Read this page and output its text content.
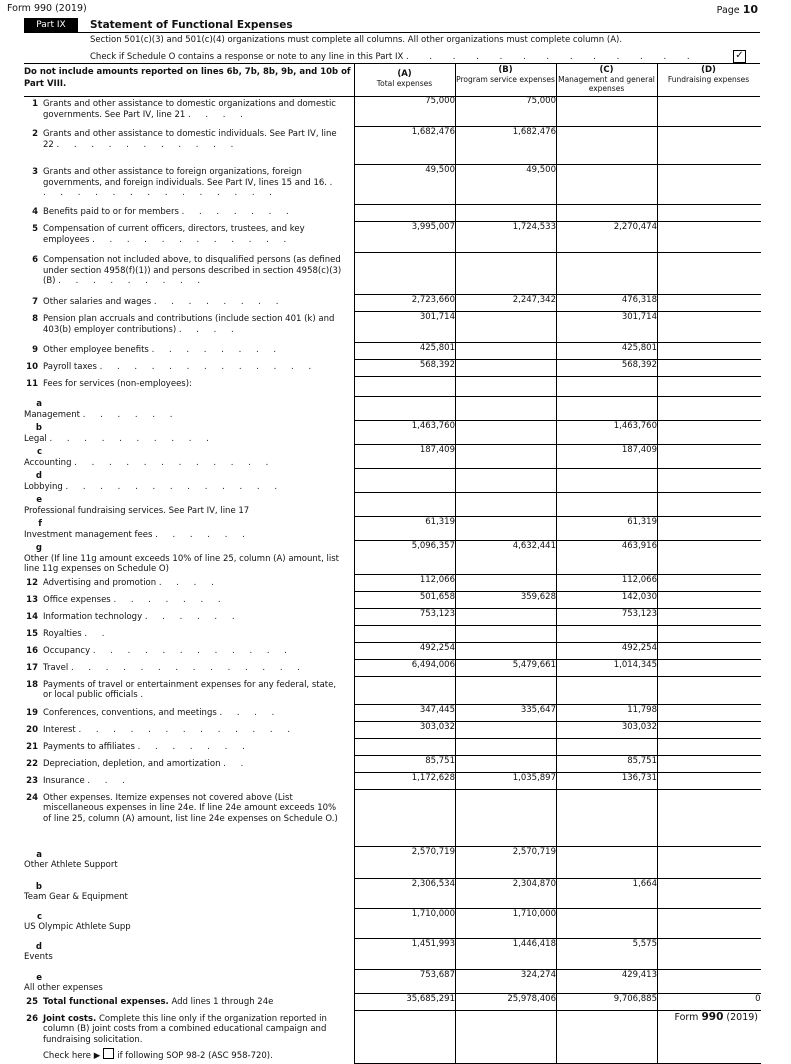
Form 990 (2019)	Page 10
Part IX	Statement of Functional Expenses
Section 501(c)(3) and 501(c)(4) organizations must complete all columns. All other organizations must complete column (A).
Check if Schedule O contains a response or note to any line in this Part IX . . . . . . . . . . . . .	✓
Do not include amounts reported on lines 6b, 7b, 8b, 9b, and 10b of Part VIII.
(A)
Total expenses
(B)
Program service expenses
(C)
Management and general expenses
(D)
Fundraising expenses
1 Grants and other assistance to domestic organizations and domestic governments. See Part IV, line 21 . . . .	75,000	75,000		
2 Grants and other assistance to domestic individuals. See Part IV, line 22 . . . . . . . . . . .	1,682,476	1,682,476		
3 Grants and other assistance to foreign organizations, foreign governments, and foreign individuals. See Part IV, lines 15 and 16. . . . . . . . . . . . . . . .	49,500	49,500		
4 Benefits paid to or for members . . . . . . .				
5 Compensation of current officers, directors, trustees, and key employees . . . . . . . . . . . .	3,995,007	1,724,533	2,270,474	
6 Compensation not included above, to disqualified persons (as defined under section 4958(f)(1)) and persons described in section 4958(c)(3)(B) . . . . . . . . .				
7 Other salaries and wages . . . . . . . .	2,723,660	2,247,342	476,318	
8 Pension plan accruals and contributions (include section 401 (k) and 403(b) employer contributions) . . . .	301,714		301,714	
9 Other employee benefits . . . . . . . .	425,801		425,801	
10 Payroll taxes . . . . . . . . . . . . .	568,392		568,392	
11 Fees for services (non-employees):				
aManagement . . . . . .				
bLegal . . . . . . . . . .	1,463,760		1,463,760	
cAccounting . . . . . . . . . . . .	187,409		187,409	
dLobbying . . . . . . . . . . . . .				
eProfessional fundraising services. See Part IV, line 17				
fInvestment management fees . . . . . .	61,319		61,319	
gOther (If line 11g amount exceeds 10% of line 25, column (A) amount, list line 11g expenses on Schedule O)	5,096,357	4,632,441	463,916	
12 Advertising and promotion . . . .	112,066		112,066	
13 Office expenses . . . . . . .	501,658	359,628	142,030	
14 Information technology . . . . . .	753,123		753,123	
15 Royalties . .				
16 Occupancy . . . . . . . . . . . .	492,254		492,254	
17 Travel . . . . . . . . . . . . . .	6,494,006	5,479,661	1,014,345	
18 Payments of travel or entertainment expenses for any federal, state, or local public officials .				
19 Conferences, conventions, and meetings . . . .	347,445	335,647	11,798	
20 Interest . . . . . . . . . . . . .	303,032		303,032	
21 Payments to affiliates . . . . . . .				
22 Depreciation, depletion, and amortization . .	85,751		85,751	
23 Insurance . . .	1,172,628	1,035,897	136,731	
24 Other expenses. Itemize expenses not covered above (List miscellaneous expenses in line 24e. If line 24e amount exceeds 10% of line 25, column (A) amount, list line 24e expenses on Schedule O.)				
aOther Athlete Support	2,570,719	2,570,719		
bTeam Gear & Equipment	2,306,534	2,304,870	1,664	
cUS Olympic Athlete Supp	1,710,000	1,710,000		
dEvents	1,451,993	1,446,418	5,575	
eAll other expenses	753,687	324,274	429,413	
25 Total functional expenses. Add lines 1 through 24e	35,685,291	25,978,406	9,706,885	0
26 Joint costs. Complete this line only if the organization reported in column (B) joint costs from a combined educational campaign and fundraising solicitation.
Check here ▶ if following SOP 98-2 (ASC 958-720).				

Form 990 (2019)
